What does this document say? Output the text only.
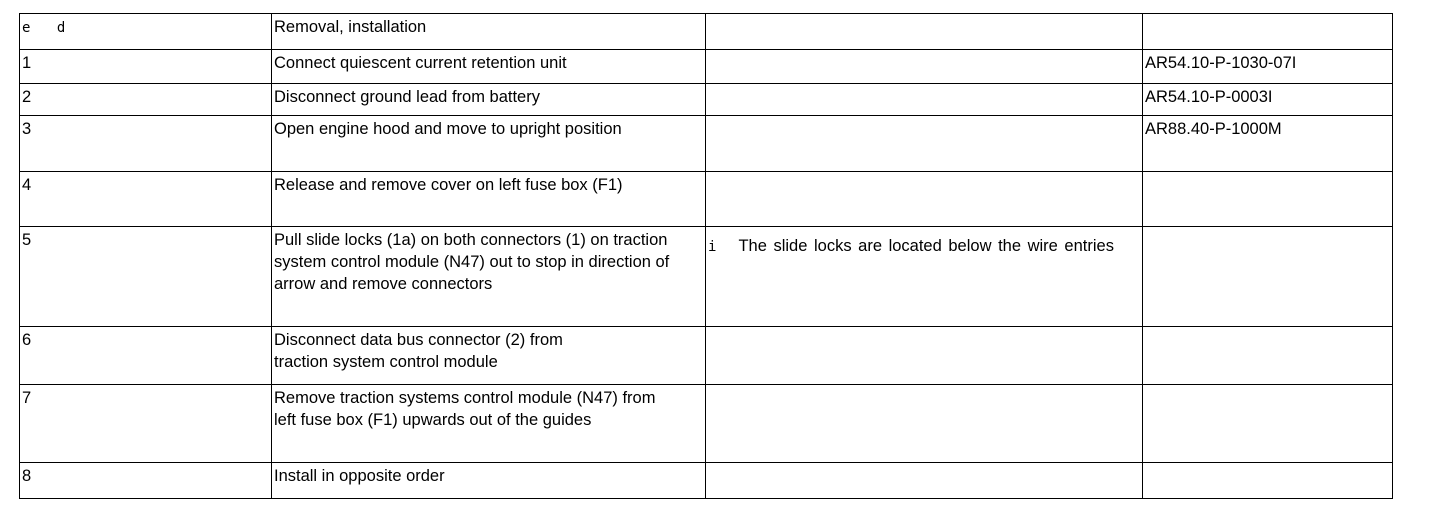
e d	Removal, installation		
1	Connect quiescent current retention unit		AR54.10-P-1030-07I
2	Disconnect ground lead from battery		AR54.10-P-0003I
3	Open engine hood and move to upright position		AR88.40-P-1000M
4	Release and remove cover on left fuse box (F1)		

5	Pull slide locks (1a) on both connectors (1) on traction system control module (N47) out to stop in direction of arrow and remove connectors	i The slide locks are located below the wire entries	

6	Disconnect data bus connector (2) from traction system control module		

7	Remove traction systems control module (N47) from left fuse box (F1) upwards out of the guides		

8	Install in opposite order		
